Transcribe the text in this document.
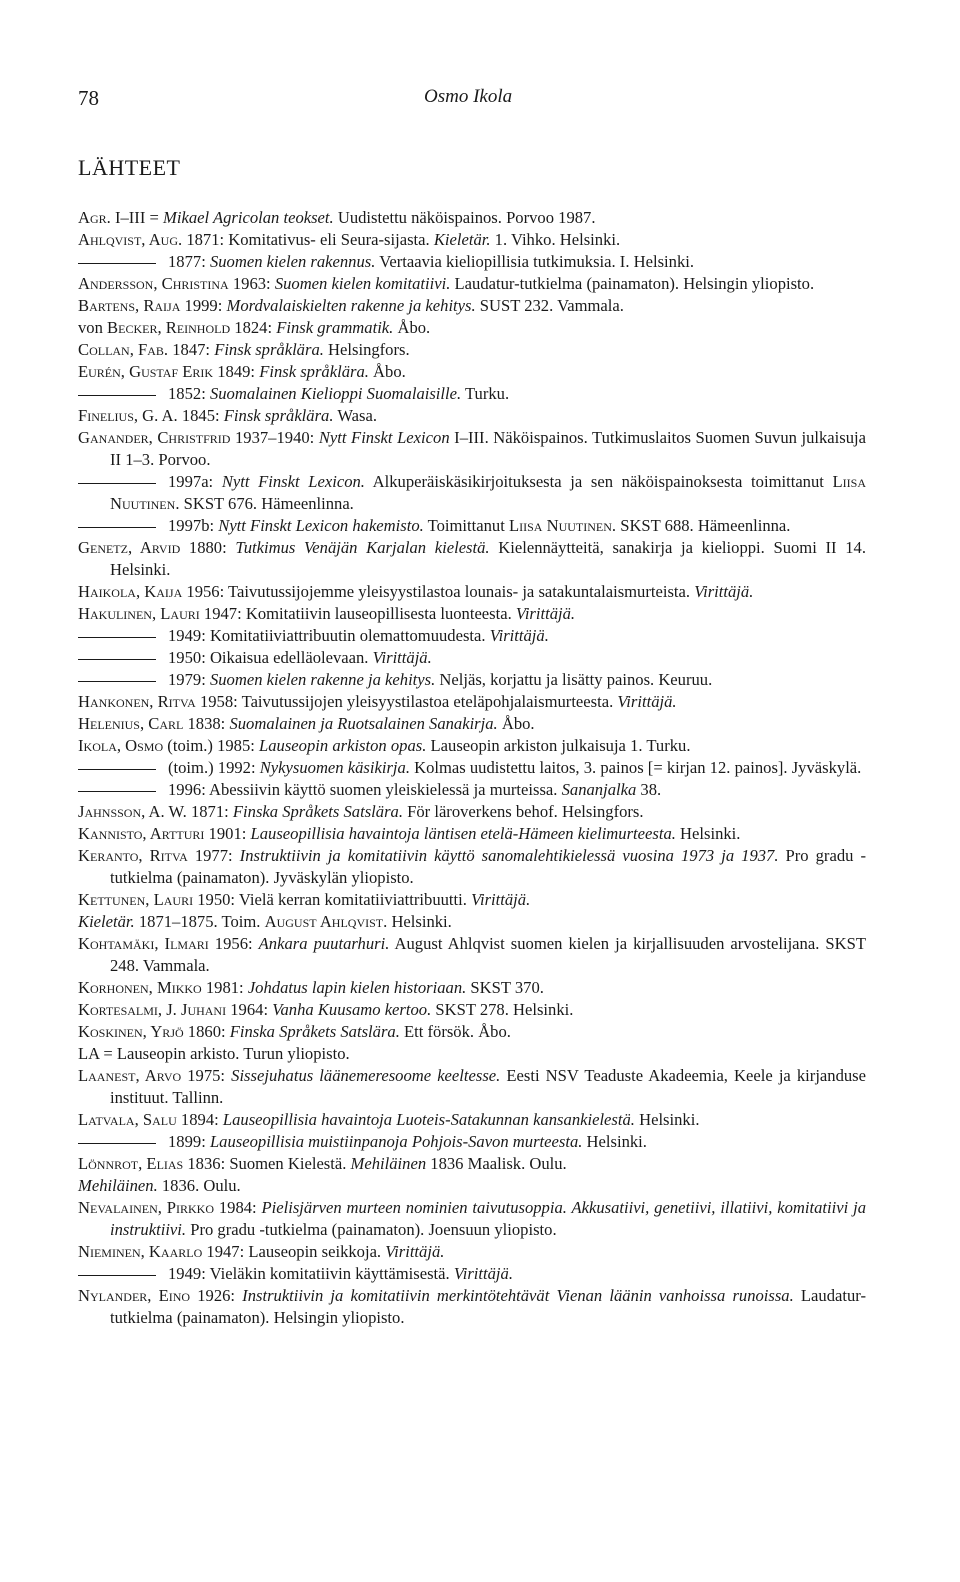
78	Osmo Ikola
LÄHTEET
Agr. I–III = Mikael Agricolan teokset. Uudistettu näköispainos. Porvoo 1987.
Ahlqvist, Aug. 1871: Komitativus- eli Seura-sijasta. Kieletär. 1. Vihko. Helsinki.
1877: Suomen kielen rakennus. Vertaavia kieliopillisia tutkimuksia. I. Helsinki.
Andersson, Christina 1963: Suomen kielen komitatiivi. Laudatur-tutkielma (painamaton). Helsingin yliopisto.
Bartens, Raija 1999: Mordvalaiskielten rakenne ja kehitys. SUST 232. Vammala.
von Becker, Reinhold 1824: Finsk grammatik. Åbo.
Collan, Fab. 1847: Finsk språklära. Helsingfors.
Eurén, Gustaf Erik 1849: Finsk språklära. Åbo.
1852: Suomalainen Kielioppi Suomalaisille. Turku.
Finelius, G. A. 1845: Finsk språklära. Wasa.
Ganander, Christfrid 1937–1940: Nytt Finskt Lexicon I–III. Näköispainos. Tutkimuslaitos Suomen Suvun julkaisuja II 1–3. Porvoo.
1997a: Nytt Finskt Lexicon. Alkuperäiskäsikirjoituksesta ja sen näköispainoksesta toimittanut Liisa Nuutinen. SKST 676. Hämeenlinna.
1997b: Nytt Finskt Lexicon hakemisto. Toimittanut Liisa Nuutinen. SKST 688. Hämeenlinna.
Genetz, Arvid 1880: Tutkimus Venäjän Karjalan kielestä. Kielennäytteitä, sanakirja ja kielioppi. Suomi II 14. Helsinki.
Haikola, Kaija 1956: Taivutussijojemme yleisyystilastoa lounais- ja satakuntalaismurteista. Virittäjä.
Hakulinen, Lauri 1947: Komitatiivin lauseopillisesta luonteesta. Virittäjä.
1949: Komitatiiviattribuutin olemattomuudesta. Virittäjä.
1950: Oikaisua edelläolevaan. Virittäjä.
1979: Suomen kielen rakenne ja kehitys. Neljäs, korjattu ja lisätty painos. Keuruu.
Hankonen, Ritva 1958: Taivutussijojen yleisyystilastoa eteläpohjalaismurteesta. Virittäjä.
Helenius, Carl 1838: Suomalainen ja Ruotsalainen Sanakirja. Åbo.
Ikola, Osmo (toim.) 1985: Lauseopin arkiston opas. Lauseopin arkiston julkaisuja 1. Turku.
(toim.) 1992: Nykysuomen käsikirja. Kolmas uudistettu laitos, 3. painos [= kirjan 12. painos]. Jyväskylä.
1996: Abessiivin käyttö suomen yleiskielessä ja murteissa. Sananjalka 38.
Jahnsson, A. W. 1871: Finska Språkets Satslära. För läroverkens behof. Helsingfors.
Kannisto, Artturi 1901: Lauseopillisia havaintoja läntisen etelä-Hämeen kielimurteesta. Helsinki.
Keranto, Ritva 1977: Instruktiivin ja komitatiivin käyttö sanomalehtikielessä vuosina 1973 ja 1937. Pro gradu -tutkielma (painamaton). Jyväskylän yliopisto.
Kettunen, Lauri 1950: Vielä kerran komitatiiviattribuutti. Virittäjä.
Kieletär. 1871–1875. Toim. August Ahlqvist. Helsinki.
Kohtamäki, Ilmari 1956: Ankara puutarhuri. August Ahlqvist suomen kielen ja kirjallisuuden arvostelijana. SKST 248. Vammala.
Korhonen, Mikko 1981: Johdatus lapin kielen historiaan. SKST 370.
Kortesalmi, J. Juhani 1964: Vanha Kuusamo kertoo. SKST 278. Helsinki.
Koskinen, Yrjö 1860: Finska Språkets Satslära. Ett försök. Åbo.
LA = Lauseopin arkisto. Turun yliopisto.
Laanest, Arvo 1975: Sissejuhatus läänemeresoome keeltesse. Eesti NSV Teaduste Akadeemia, Keele ja kirjanduse instituut. Tallinn.
Latvala, Salu 1894: Lauseopillisia havaintoja Luoteis-Satakunnan kansankielestä. Helsinki.
1899: Lauseopillisia muistiinpanoja Pohjois-Savon murteesta. Helsinki.
Lönnrot, Elias 1836: Suomen Kielestä. Mehiläinen 1836 Maalisk. Oulu.
Mehiläinen. 1836. Oulu.
Nevalainen, Pirkko 1984: Pielisjärven murteen nominien taivutusoppia. Akkusatiivi, genetiivi, illatiivi, komitatiivi ja instruktiivi. Pro gradu -tutkielma (painamaton). Joensuun yliopisto.
Nieminen, Kaarlo 1947: Lauseopin seikkoja. Virittäjä.
1949: Vieläkin komitatiivin käyttämisestä. Virittäjä.
Nylander, Eino 1926: Instruktiivin ja komitatiivin merkintötehtävät Vienan läänin vanhoissa runoissa. Laudatur-tutkielma (painamaton). Helsingin yliopisto.
